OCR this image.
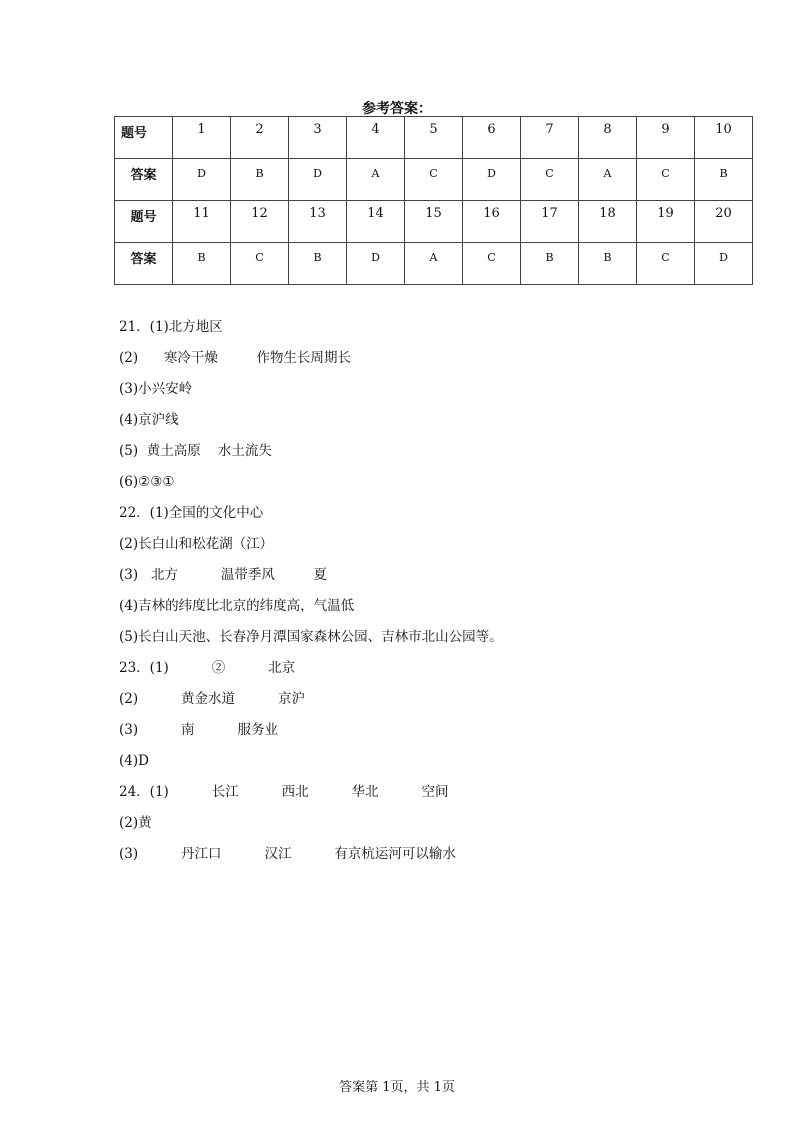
参考答案：
题号	1	2	3	4	5	6	7	8	9	10
答案	D	B	D	A	C	D	C	A	C	B
题号	11	12	13	14	15	16	17	18	19	20
答案	B	C	B	D	A	C	B	B	C	D
21．(1)北方地区
(2)      寒冷干燥         作物生长周期长
(3)小兴安岭
(4)京沪线
(5)  黄土高原    水土流失
(6)②③①
22．(1)全国的文化中心
(2)长白山和松花湖（江）
(3)   北方          温带季风         夏
(4)吉林的纬度比北京的纬度高，气温低
(5)长白山天池、长春净月潭国家森林公园、吉林市北山公园等。
23．(1)          ②          北京
(2)          黄金水道          京沪
(3)          南          服务业
(4)D
24．(1)          长江          西北          华北          空间
(2)黄
(3)          丹江口          汉江          有京杭运河可以输水
答案第 1页，共 1页
